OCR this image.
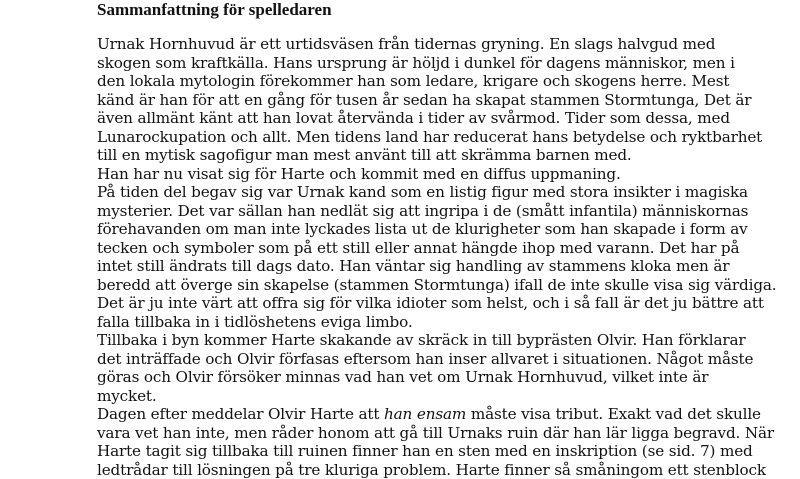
Sammanfattning för spelledaren
Urnak Hornhuvud är ett urtidsväsen från tidernas gryning. En slags halvgud med
skogen som kraftkälla. Hans ursprung är höljd i dunkel för dagens människor, men i
den lokala mytologin förekommer han som ledare, krigare och skogens herre. Mest
känd är han för att en gång för tusen år sedan ha skapat stammen Stormtunga, Det är
även allmänt känt att han lovat återvända i tider av svårmod. Tider som dessa, med
Lunarockupation och allt. Men tidens land har reducerat hans betydelse och ryktbarhet
till en mytisk sagofigur man mest använt till att skrämma barnen med.
Han har nu visat sig för Harte och kommit med en diffus uppmaning.
På tiden del begav sig var Urnak kand som en listig figur med stora insikter i magiska
mysterier. Det var sällan han nedlät sig att ingripa i de (smått infantila) människornas
förehavanden om man inte lyckades lista ut de klurigheter som han skapade i form av
tecken och symboler som på ett still eller annat hängde ihop med varann. Det har på
intet still ändrats till dags dato. Han väntar sig handling av stammens kloka men är
beredd att överge sin skapelse (stammen Stormtunga) ifall de inte skulle visa sig värdiga.
Det är ju inte värt att offra sig för vilka idioter som helst, och i så fall är det ju bättre att
falla tillbaka in i tidlöshetens eviga limbo.
Tillbaka i byn kommer Harte skakande av skräck in till byprästen Olvir. Han förklarar
det inträffade och Olvir förfasas eftersom han inser allvaret i situationen. Något måste
göras och Olvir försöker minnas vad han vet om Urnak Hornhuvud, vilket inte är
mycket.
Dagen efter meddelar Olvir Harte att han ensam måste visa tribut. Exakt vad det skulle
vara vet han inte, men råder honom att gå till Urnaks ruin där han lär ligga begravd. När
Harte tagit sig tillbaka till ruinen finner han en sten med en inskription (se sid. 7) med
ledtrådar till lösningen på tre kluriga problem. Harte finner så småningom ett stenblock
